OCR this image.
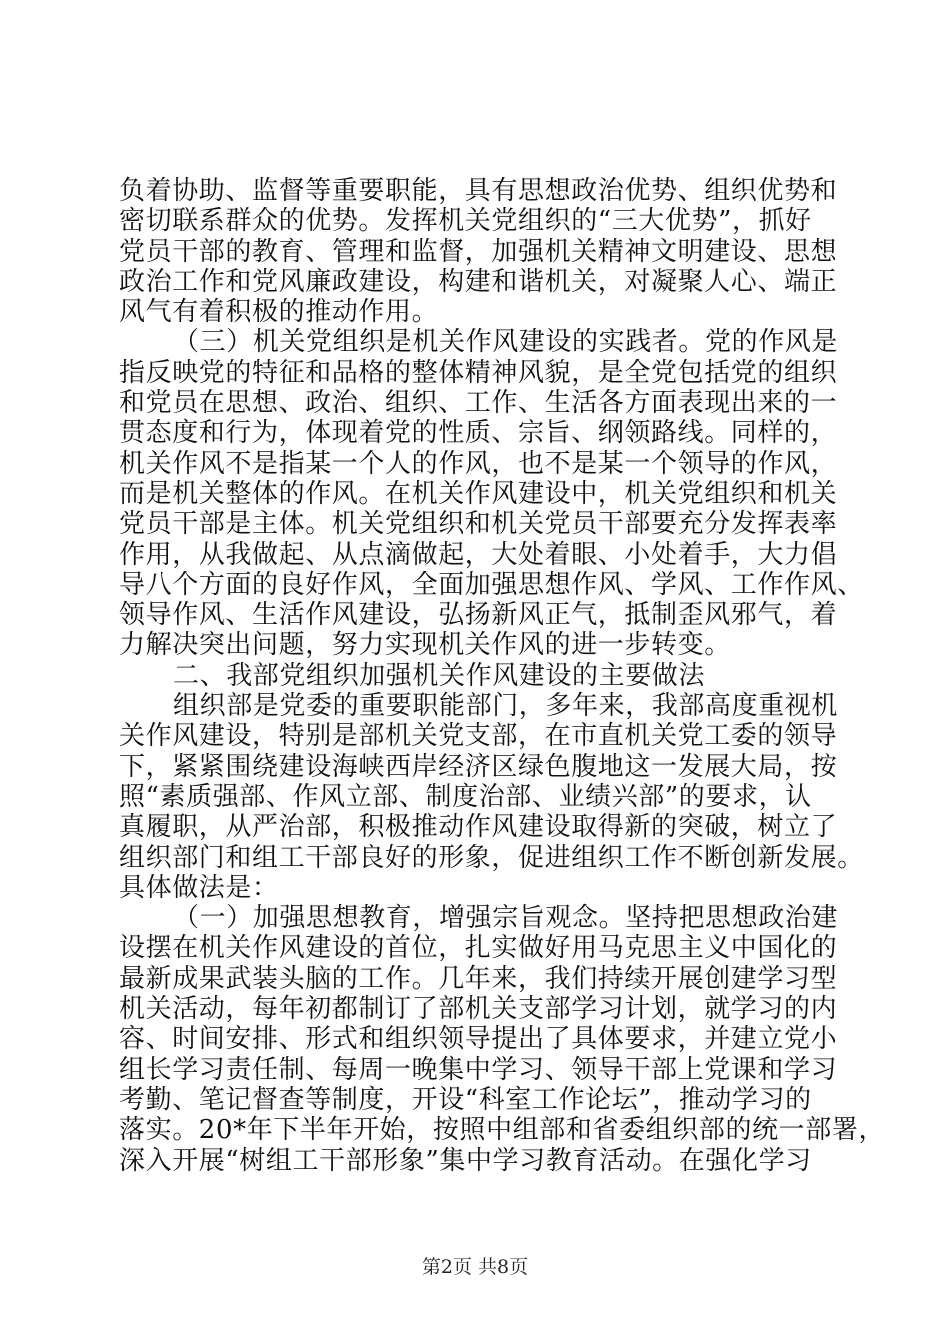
负着协助、监督等重要职能，具有思想政治优势、组织优势和
密切联系群众的优势。发挥机关党组织的“三大优势”，抓好
党员干部的教育、管理和监督，加强机关精神文明建设、思想
政治工作和党风廉政建设，构建和谐机关，对凝聚人心、端正
风气有着积极的推动作用。
（三）机关党组织是机关作风建设的实践者。党的作风是
指反映党的特征和品格的整体精神风貌，是全党包括党的组织
和党员在思想、政治、组织、工作、生活各方面表现出来的一
贯态度和行为，体现着党的性质、宗旨、纲领路线。同样的，
机关作风不是指某一个人的作风，也不是某一个领导的作风，
而是机关整体的作风。在机关作风建设中，机关党组织和机关
党员干部是主体。机关党组织和机关党员干部要充分发挥表率
作用，从我做起、从点滴做起，大处着眼、小处着手，大力倡
导八个方面的良好作风，全面加强思想作风、学风、工作作风、
领导作风、生活作风建设，弘扬新风正气，抵制歪风邪气，着
力解决突出问题，努力实现机关作风的进一步转变。
二、我部党组织加强机关作风建设的主要做法
组织部是党委的重要职能部门，多年来，我部高度重视机
关作风建设，特别是部机关党支部，在市直机关党工委的领导
下，紧紧围绕建设海峡西岸经济区绿色腹地这一发展大局，按
照“素质强部、作风立部、制度治部、业绩兴部”的要求，认
真履职，从严治部，积极推动作风建设取得新的突破，树立了
组织部门和组工干部良好的形象，促进组织工作不断创新发展。
具体做法是：
（一）加强思想教育，增强宗旨观念。坚持把思想政治建
设摆在机关作风建设的首位，扎实做好用马克思主义中国化的
最新成果武装头脑的工作。几年来，我们持续开展创建学习型
机关活动，每年初都制订了部机关支部学习计划，就学习的内
容、时间安排、形式和组织领导提出了具体要求，并建立党小
组长学习责任制、每周一晚集中学习、领导干部上党课和学习
考勤、笔记督查等制度，开设“科室工作论坛”，推动学习的
落实。20*年下半年开始，按照中组部和省委组织部的统一部署，
深入开展“树组工干部形象”集中学习教育活动。在强化学习
第2页 共8页
